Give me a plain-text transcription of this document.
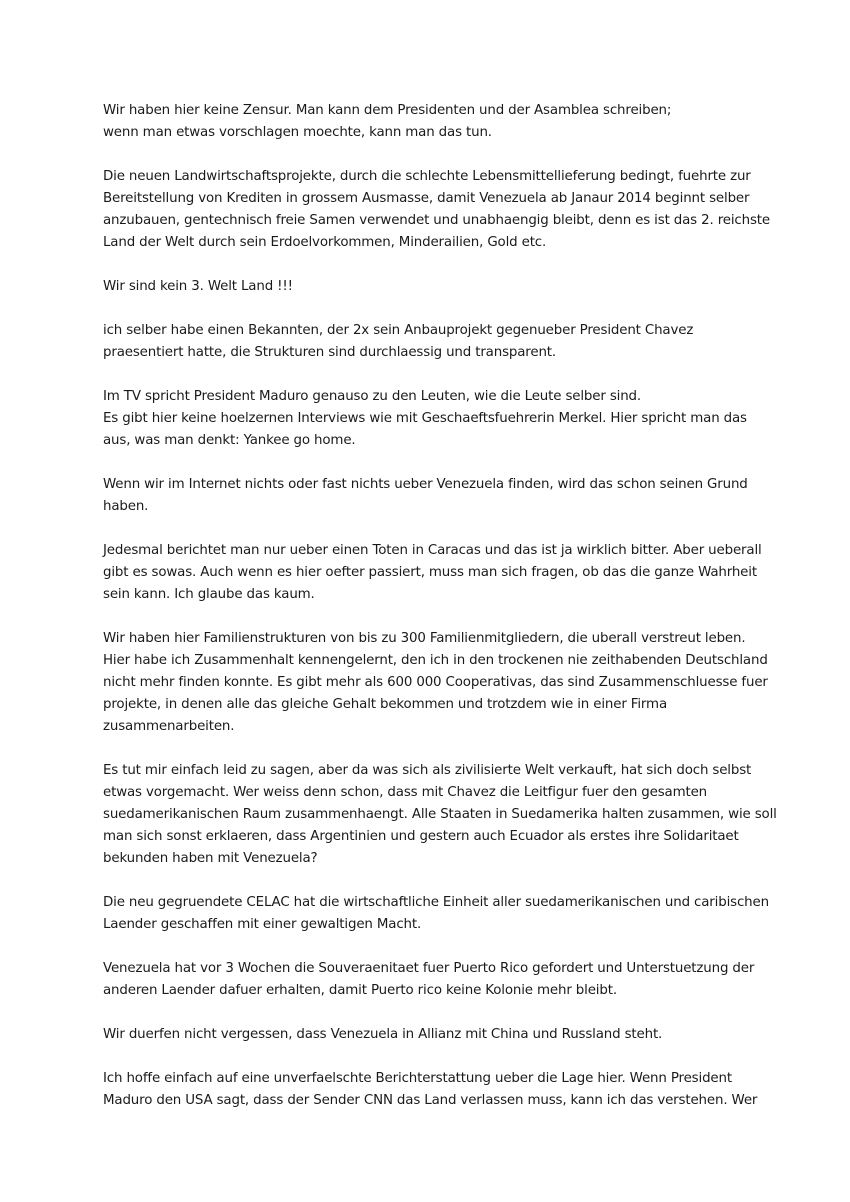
Wir haben hier keine Zensur. Man kann dem Presidenten und der Asamblea schreiben;
wenn man etwas vorschlagen moechte, kann man das tun.

Die neuen Landwirtschaftsprojekte, durch die schlechte Lebensmittellieferung bedingt, fuehrte zur
Bereitstellung von Krediten in grossem Ausmasse, damit Venezuela ab Janaur 2014 beginnt selber
anzubauen, gentechnisch freie Samen verwendet und unabhaengig bleibt, denn es ist das 2. reichste
Land der Welt durch sein Erdoelvorkommen, Minderailien, Gold etc.

Wir sind kein 3. Welt Land !!!

ich selber habe einen Bekannten, der 2x sein Anbauprojekt gegenueber President Chavez
praesentiert hatte, die Strukturen sind durchlaessig und transparent.

Im TV spricht President Maduro genauso zu den Leuten, wie die Leute selber sind.
Es gibt hier keine hoelzernen Interviews wie mit Geschaeftsfuehrerin Merkel. Hier spricht man das
aus, was man denkt: Yankee go home.

Wenn wir im Internet nichts oder fast nichts ueber Venezuela finden, wird das schon seinen Grund
haben.

Jedesmal berichtet man nur ueber einen Toten in Caracas und das ist ja wirklich bitter. Aber ueberall
gibt es sowas. Auch wenn es hier oefter passiert, muss man sich fragen, ob das die ganze Wahrheit
sein kann. Ich glaube das kaum.

Wir haben hier Familienstrukturen von bis zu 300 Familienmitgliedern, die uberall verstreut leben.
Hier habe ich Zusammenhalt kennengelernt, den ich in den trockenen nie zeithabenden Deutschland
nicht mehr finden konnte. Es gibt mehr als 600 000 Cooperativas, das sind Zusammenschluesse fuer
projekte, in denen alle das gleiche Gehalt bekommen und trotzdem wie in einer Firma
zusammenarbeiten.

Es tut mir einfach leid zu sagen, aber da was sich als zivilisierte Welt verkauft, hat sich doch selbst
etwas vorgemacht. Wer weiss denn schon, dass mit Chavez die Leitfigur fuer den gesamten
suedamerikanischen Raum zusammenhaengt. Alle Staaten in Suedamerika halten zusammen, wie soll
man sich sonst erklaeren, dass Argentinien und gestern auch Ecuador als erstes ihre Solidaritaet
bekunden haben mit Venezuela?

Die neu gegruendete CELAC hat die wirtschaftliche Einheit aller suedamerikanischen und caribischen
Laender geschaffen mit einer gewaltigen Macht.

Venezuela hat vor 3 Wochen die Souveraenitaet fuer Puerto Rico gefordert und Unterstuetzung der
anderen Laender dafuer erhalten, damit Puerto rico keine Kolonie mehr bleibt.

Wir duerfen nicht vergessen, dass Venezuela in Allianz mit China und Russland steht.

Ich hoffe einfach auf eine unverfaelschte Berichterstattung ueber die Lage hier. Wenn President
Maduro den USA sagt, dass der Sender CNN das Land verlassen muss, kann ich das verstehen. Wer
